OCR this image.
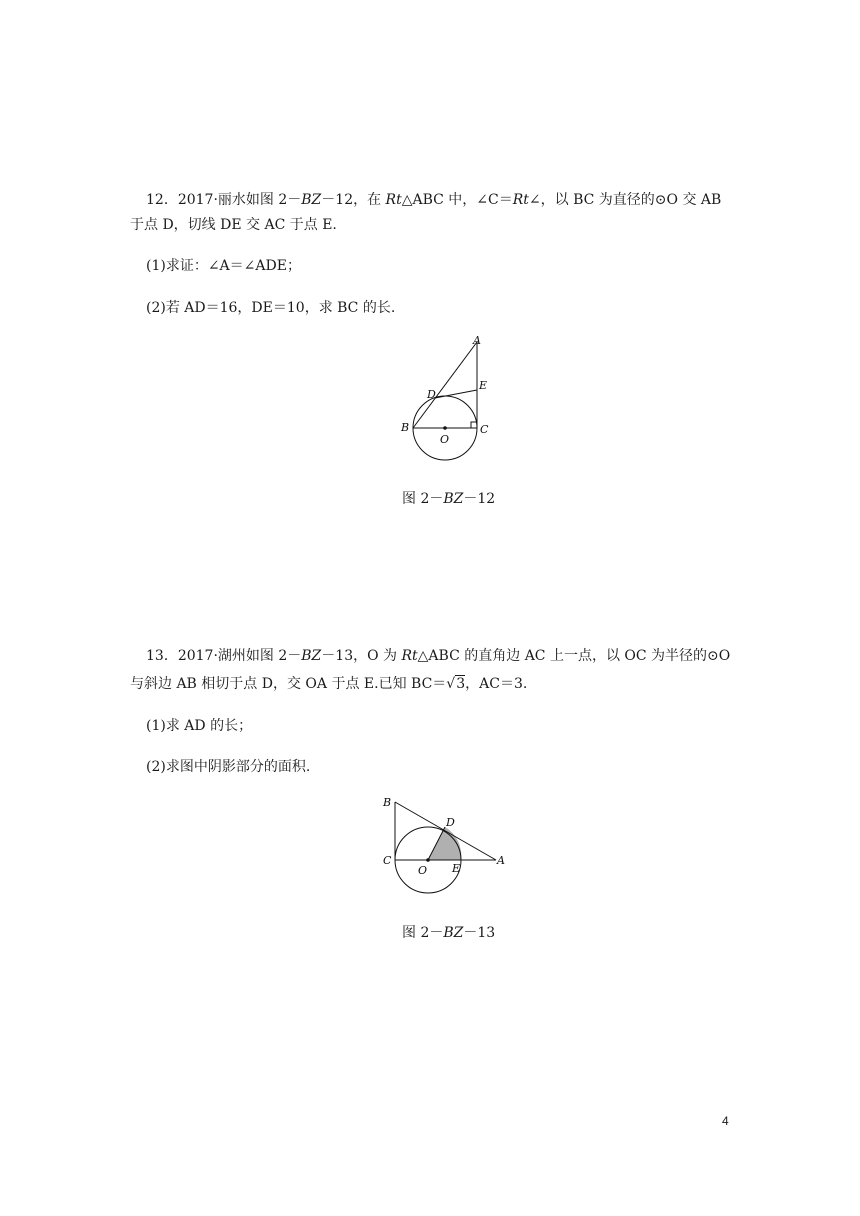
12．2017·丽水如图 2－BZ－12，在 Rt△ABC 中，∠C＝Rt∠，以 BC 为直径的⊙O 交 AB
于点 D，切线 DE 交 AC 于点 E.
(1)求证：∠A＝∠ADE；
(2)若 AD＝16，DE＝10，求 BC 的长.
A
B	C
D
E
O
图 2－BZ－12
13．2017·湖州如图 2－BZ－13，O 为 Rt△ABC 的直角边 AC 上一点，以 OC 为半径的⊙O
与斜边 AB 相切于点 D，交 OA 于点 E.已知 BC＝√3，AC＝3.
(1)求 AD 的长；
(2)求图中阴影部分的面积.
B
C
D
A
O E
图 2－BZ－13
4
